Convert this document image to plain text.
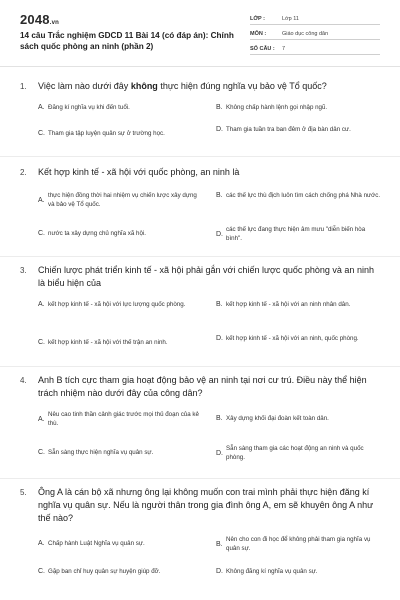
2048.vn
14 câu Trắc nghiệm GDCD 11 Bài 14 (có đáp án): Chính sách quốc phòng an ninh (phần 2)
LỚP :	Lớp 11
MÔN :	Giáo dục công dân
SỐ CÂU :	7
1.	Việc làm nào dưới đây không thực hiện đúng nghĩa vụ bảo vệ Tổ quốc?
A. Đăng kí nghĩa vụ khi đến tuổi.	B. Không chấp hành lệnh gọi nhập ngũ.
C. Tham gia tập luyện quân sự ở trường học.
D. Tham gia tuần tra ban đêm ở địa bàn dân cư.
2.	Kết hợp kinh tế - xã hội với quốc phòng, an ninh là
A.
thực hiện đồng thời hai nhiệm vụ chiến lược xây dựng và bảo vệ Tổ quốc.
B. các thế lực thù địch luôn tìm cách chống phá Nhà nước.
C. nước ta xây dựng chủ nghĩa xã hội.	D.
các thế lực đang thực hiện âm mưu "diễn biến hòa bình".
3.	Chiến lược phát triển kinh tế - xã hội phải gắn với chiến lược quốc phòng và an ninh là biểu hiện của
A. kết hợp kinh tế - xã hội với lực lượng quốc phòng.	B. kết hợp kinh tế - xã hội với an ninh nhân dân.
C. kết hợp kinh tế - xã hội với thế trận an ninh.
D. kết hợp kinh tế - xã hội với an ninh, quốc phòng.
4.	Anh B tích cực tham gia hoạt động bảo vệ an ninh tại nơi cư trú. Điều này thể hiện trách nhiệm nào dưới đây của công dân?
A.
Nêu cao tinh thần cảnh giác trước mọi thủ đoạn của kẻ thù.
B. Xây dựng khối đại đoàn kết toàn dân.
C. Sẵn sàng thực hiện nghĩa vụ quân sự.	D.
Sẵn sàng tham gia các hoạt động an ninh và quốc phòng.
5.	Ông A là cán bộ xã nhưng ông lại không muốn con trai mình phải thực hiện đăng kí nghĩa vụ quân sự. Nếu là người thân trong gia đình ông A, em sẽ khuyên ông A như thế nào?
A. Chấp hành Luật Nghĩa vụ quân sự.	B.
Nên cho con đi học để không phải tham gia nghĩa vụ quân sự.
C. Gặp ban chỉ huy quân sự huyện giúp đỡ.	D. Không đăng kí nghĩa vụ quân sự.
